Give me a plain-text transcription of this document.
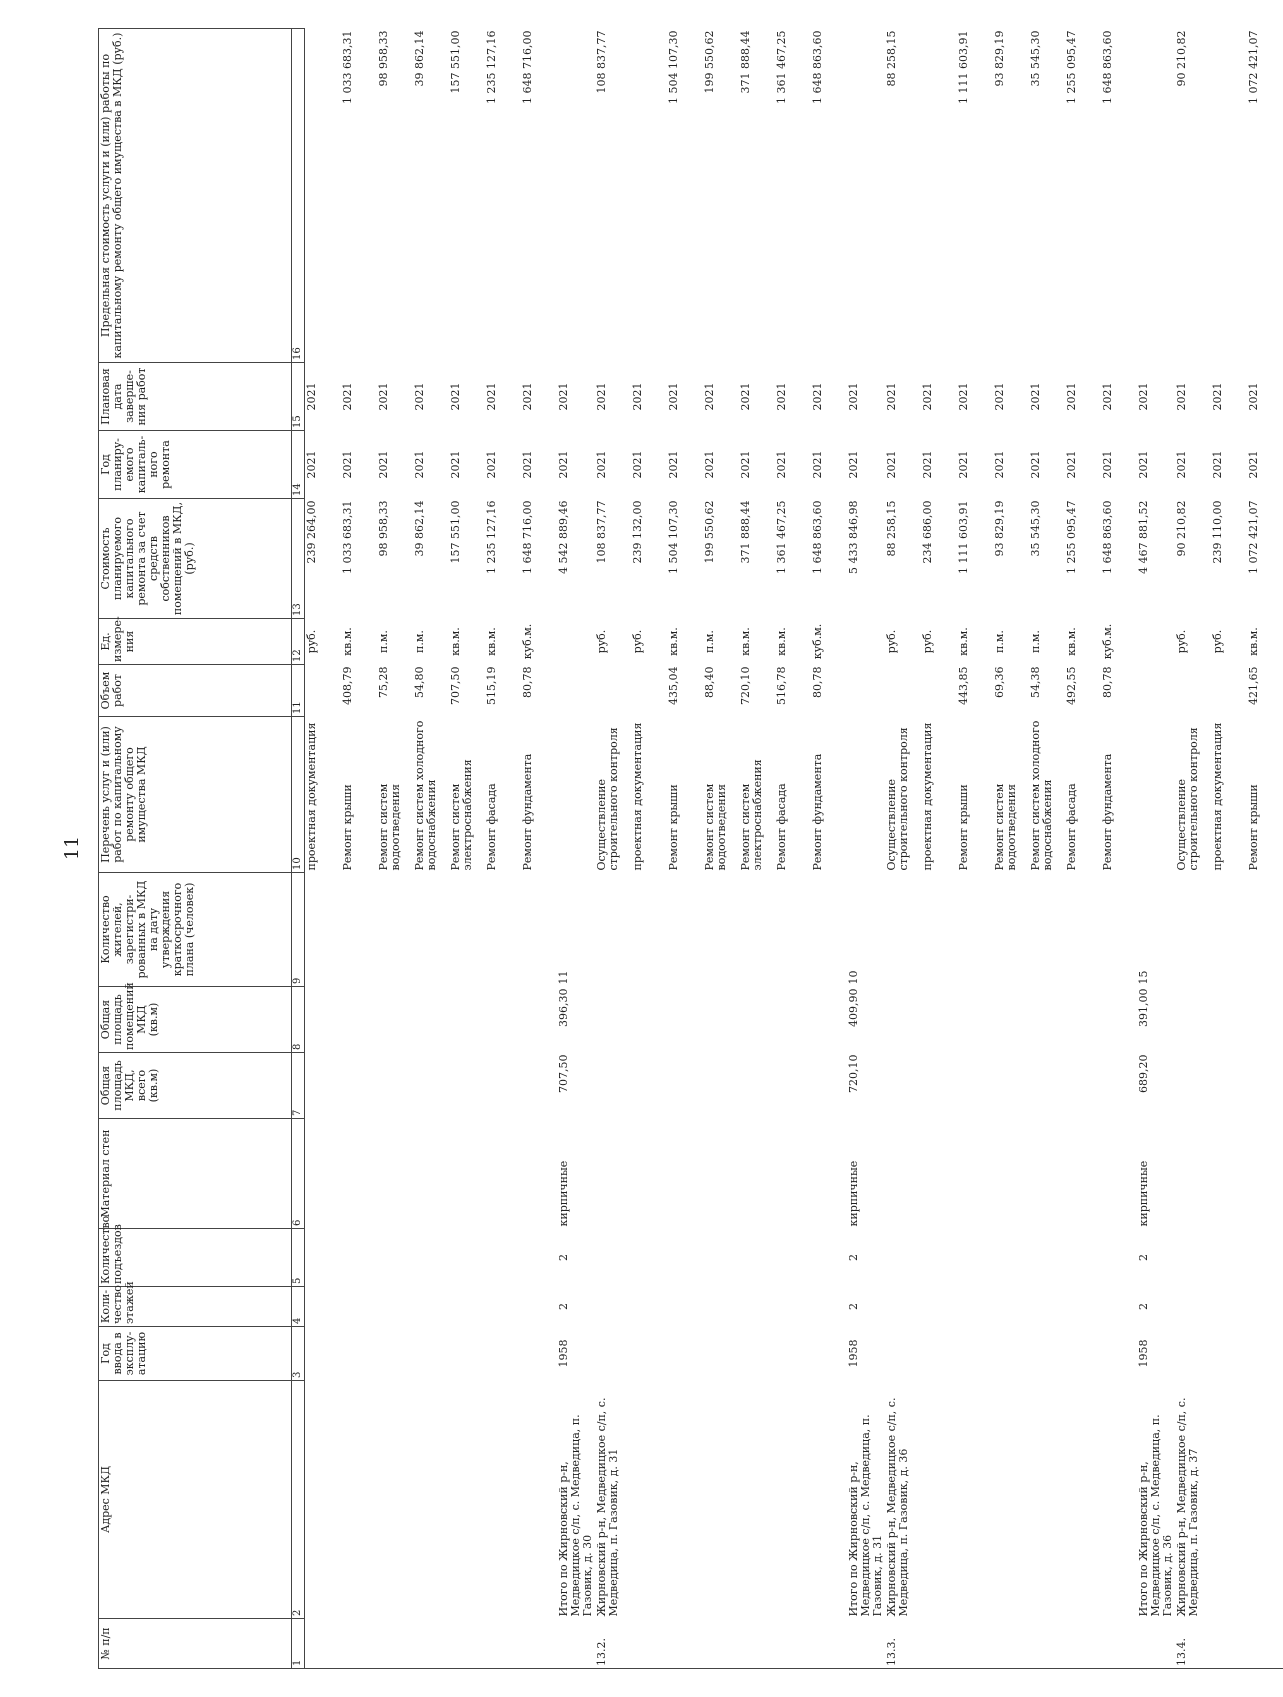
11
№ п/п	Адрес МКД	Год ввода в эксплу-атацию	Коли-чество этажей	Количество подъездов	Материал стен	Общая площадь МКД, всего (кв.м)	Общая площадь помещений МКД (кв.м)	Количество жителей, зарегистри-рованных в МКД на дату утверждения краткосрочного плана (человек)	Перечень услуг и (или) работ по капитальному ремонту общего имущества МКД	Объем работ	Ед. измере-ния	Стоимость планируемого капитального ремонта за счет средств собственников помещений в МКД, (руб.)	Год планиру-емого капиталь-ного ремонта	Плановая дата заверше-ния работ	Предельная стоимость услуги и (или) работы по капитальному ремонту общего имущества в МКД (руб.)
1	2	3	4	5	6	7	8	9	10	11	12	13	14	15	16
									проектная документация		руб.	239 264,00	2021	2021	
									Ремонт крыши	408,79	кв.м.	1 033 683,31	2021	2021	1 033 683,31
									Ремонт систем водоотведения	75,28	п.м.	98 958,33	2021	2021	98 958,33
									Ремонт систем холодного водоснабжения	54,80	п.м.	39 862,14	2021	2021	39 862,14
									Ремонт систем электроснабжения	707,50	кв.м.	157 551,00	2021	2021	157 551,00
									Ремонт фасада	515,19	кв.м.	1 235 127,16	2021	2021	1 235 127,16
									Ремонт фундамента	80,78	куб.м.	1 648 716,00	2021	2021	1 648 716,00
	Итого по Жирновский р-н, Медведицкое с/п, с. Медведица, п. Газовик, д. 30	1958	2	2	кирпичные	707,50	396,30	11				4 542 889,46	2021	2021	
13.2.	Жирновский р-н, Медведицкое с/п, с. Медведица, п. Газовик, д. 31								Осуществление строительного контроля		руб.	108 837,77	2021	2021	108 837,77
									проектная документация		руб.	239 132,00	2021	2021	
									Ремонт крыши	435,04	кв.м.	1 504 107,30	2021	2021	1 504 107,30
									Ремонт систем водоотведения	88,40	п.м.	199 550,62	2021	2021	199 550,62
									Ремонт систем электроснабжения	720,10	кв.м.	371 888,44	2021	2021	371 888,44
									Ремонт фасада	516,78	кв.м.	1 361 467,25	2021	2021	1 361 467,25
									Ремонт фундамента	80,78	куб.м.	1 648 863,60	2021	2021	1 648 863,60
	Итого по Жирновский р-н, Медведицкое с/п, с. Медведица, п. Газовик, д. 31	1958	2	2	кирпичные	720,10	409,90	10				5 433 846,98	2021	2021	
13.3.	Жирновский р-н, Медведицкое с/п, с. Медведица, п. Газовик, д. 36								Осуществление строительного контроля		руб.	88 258,15	2021	2021	88 258,15
									проектная документация		руб.	234 686,00	2021	2021	
									Ремонт крыши	443,85	кв.м.	1 111 603,91	2021	2021	1 111 603,91
									Ремонт систем водоотведения	69,36	п.м.	93 829,19	2021	2021	93 829,19
									Ремонт систем холодного водоснабжения	54,38	п.м.	35 545,30	2021	2021	35 545,30
									Ремонт фасада	492,55	кв.м.	1 255 095,47	2021	2021	1 255 095,47
									Ремонт фундамента	80,78	куб.м.	1 648 863,60	2021	2021	1 648 863,60
	Итого по Жирновский р-н, Медведицкое с/п, с. Медведица, п. Газовик, д. 36	1958	2	2	кирпичные	689,20	391,00	15				4 467 881,52	2021	2021	
13.4.	Жирновский р-н, Медведицкое с/п, с. Медведица, п. Газовик, д. 37								Осуществление строительного контроля		руб.	90 210,82	2021	2021	90 210,82
									проектная документация		руб.	239 110,00	2021	2021	
									Ремонт крыши	421,65	кв.м.	1 072 421,07	2021	2021	1 072 421,07
